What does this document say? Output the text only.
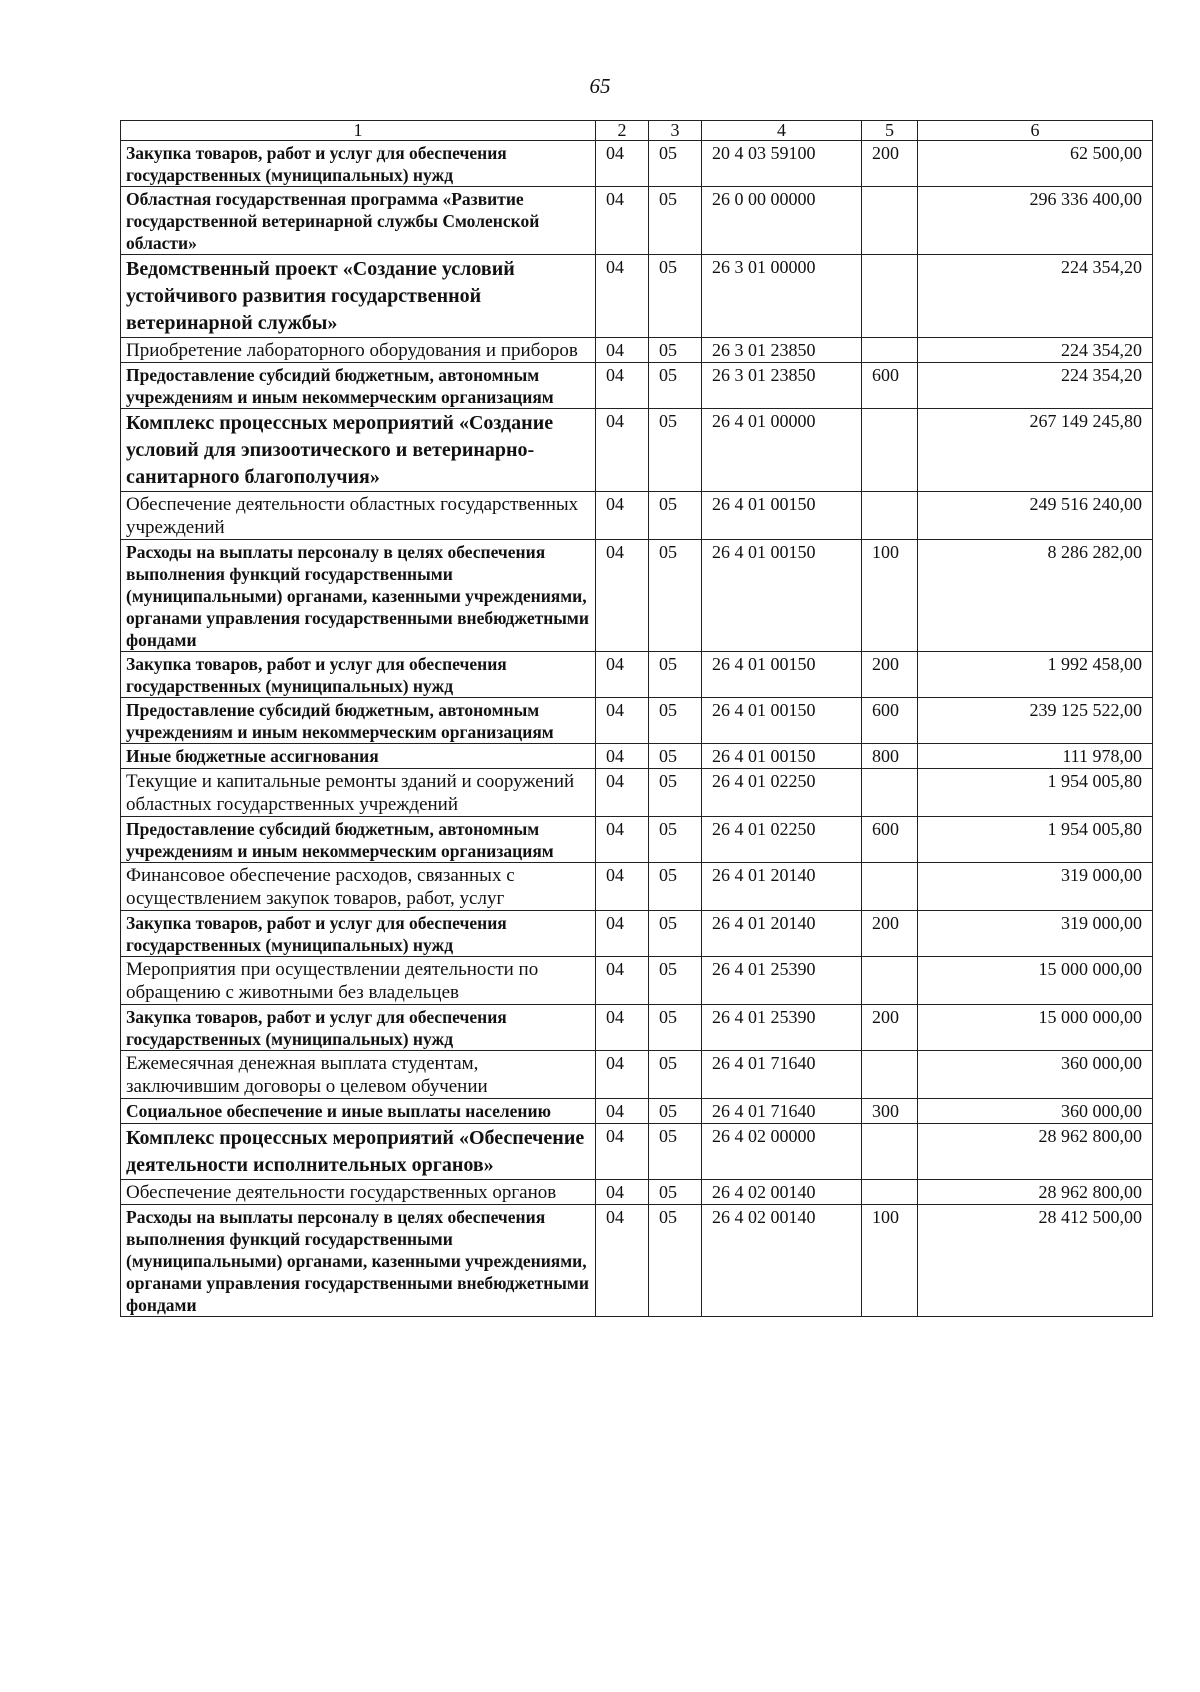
65
1	2	3	4	5	6
Закупка товаров, работ и услуг для обеспечения государственных (муниципальных) нужд	04	05	20 4 03 59100	200	62 500,00
Областная государственная программа «Развитие государственной ветеринарной службы Смоленской области»	04	05	26 0 00 00000		296 336 400,00
Ведомственный проект «Создание условий устойчивого развития государственной ветеринарной службы»	04	05	26 3 01 00000		224 354,20
Приобретение лабораторного оборудования и приборов	04	05	26 3 01 23850		224 354,20
Предоставление субсидий бюджетным, автономным учреждениям и иным некоммерческим организациям	04	05	26 3 01 23850	600	224 354,20
Комплекс процессных мероприятий «Создание условий для эпизоотического и ветеринарно-санитарного благополучия»	04	05	26 4 01 00000		267 149 245,80
Обеспечение деятельности областных государственных учреждений	04	05	26 4 01 00150		249 516 240,00
Расходы на выплаты персоналу в целях обеспечения выполнения функций государственными (муниципальными) органами, казенными учреждениями, органами управления государственными внебюджетными фондами	04	05	26 4 01 00150	100	8 286 282,00
Закупка товаров, работ и услуг для обеспечения государственных (муниципальных) нужд	04	05	26 4 01 00150	200	1 992 458,00
Предоставление субсидий бюджетным, автономным учреждениям и иным некоммерческим организациям	04	05	26 4 01 00150	600	239 125 522,00
Иные бюджетные ассигнования	04	05	26 4 01 00150	800	111 978,00
Текущие и капитальные ремонты зданий и сооружений областных государственных учреждений	04	05	26 4 01 02250		1 954 005,80
Предоставление субсидий бюджетным, автономным учреждениям и иным некоммерческим организациям	04	05	26 4 01 02250	600	1 954 005,80
Финансовое обеспечение расходов, связанных с осуществлением закупок товаров, работ, услуг	04	05	26 4 01 20140		319 000,00
Закупка товаров, работ и услуг для обеспечения государственных (муниципальных) нужд	04	05	26 4 01 20140	200	319 000,00
Мероприятия при осуществлении деятельности по обращению с животными без владельцев	04	05	26 4 01 25390		15 000 000,00
Закупка товаров, работ и услуг для обеспечения государственных (муниципальных) нужд	04	05	26 4 01 25390	200	15 000 000,00
Ежемесячная денежная выплата студентам, заключившим договоры о целевом обучении	04	05	26 4 01 71640		360 000,00
Социальное обеспечение и иные выплаты населению	04	05	26 4 01 71640	300	360 000,00
Комплекс процессных мероприятий «Обеспечение деятельности исполнительных органов»	04	05	26 4 02 00000		28 962 800,00
Обеспечение деятельности государственных органов	04	05	26 4 02 00140		28 962 800,00
Расходы на выплаты персоналу в целях обеспечения выполнения функций государственными (муниципальными) органами, казенными учреждениями, органами управления государственными внебюджетными фондами	04	05	26 4 02 00140	100	28 412 500,00
